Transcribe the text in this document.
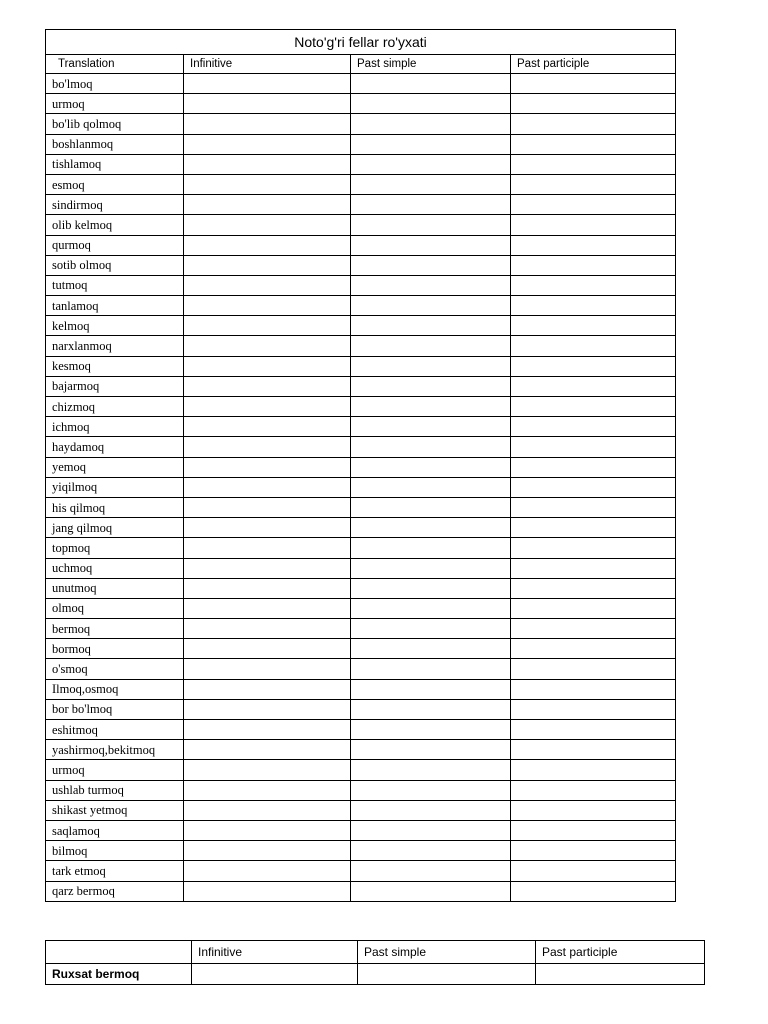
Noto'g'ri fellar ro'yxati			
Translation	Infinitive	Past simple	Past participle
bo'lmoq			
urmoq			
bo'lib qolmoq			
boshlanmoq			
tishlamoq			
esmoq			
sindirmoq			
olib kelmoq			
qurmoq			
sotib olmoq			
tutmoq			
tanlamoq			
kelmoq			
narxlanmoq			
kesmoq			
bajarmoq			
chizmoq			
ichmoq			
haydamoq			
yemoq			
yiqilmoq			
his qilmoq			
jang qilmoq			
topmoq			
uchmoq			
unutmoq			
olmoq			
bermoq			
bormoq			
o'smoq			
Ilmoq,osmoq			
bor bo'lmoq			
eshitmoq			
yashirmoq,bekitmoq			
urmoq			
ushlab turmoq			
shikast yetmoq			
saqlamoq			
bilmoq			
tark etmoq			
qarz bermoq			
	Infinitive	Past simple	Past participle
Ruxsat bermoq			
